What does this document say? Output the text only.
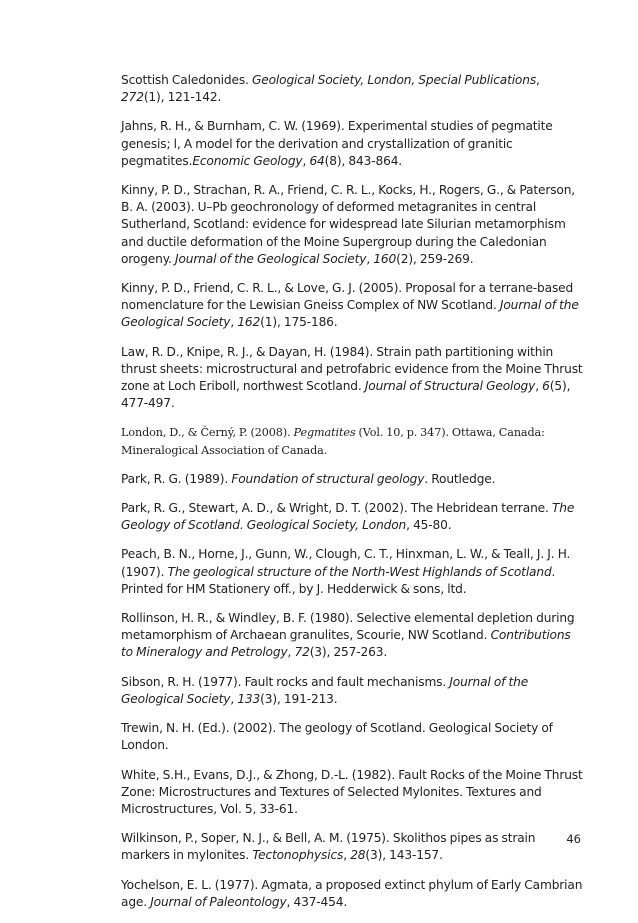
Scottish Caledonides. Geological Society, London, Special Publications, 272(1), 121-142.

Jahns, R. H., & Burnham, C. W. (1969). Experimental studies of pegmatite genesis; l, A model for the derivation and crystallization of granitic pegmatites.Economic Geology, 64(8), 843-864.

Kinny, P. D., Strachan, R. A., Friend, C. R. L., Kocks, H., Rogers, G., & Paterson, B. A. (2003). U–Pb geochronology of deformed metagranites in central Sutherland, Scotland: evidence for widespread late Silurian metamorphism and ductile deformation of the Moine Supergroup during the Caledonian orogeny. Journal of the Geological Society, 160(2), 259-269.

Kinny, P. D., Friend, C. R. L., & Love, G. J. (2005). Proposal for a terrane-based nomenclature for the Lewisian Gneiss Complex of NW Scotland. Journal of the Geological Society, 162(1), 175-186.

Law, R. D., Knipe, R. J., & Dayan, H. (1984). Strain path partitioning within thrust sheets: microstructural and petrofabric evidence from the Moine Thrust zone at Loch Eriboll, northwest Scotland. Journal of Structural Geology, 6(5), 477-497.

London, D., & Černý, P. (2008). Pegmatites (Vol. 10, p. 347). Ottawa, Canada: Mineralogical Association of Canada.

Park, R. G. (1989). Foundation of structural geology. Routledge.

Park, R. G., Stewart, A. D., & Wright, D. T. (2002). The Hebridean terrane. The Geology of Scotland. Geological Society, London, 45-80.

Peach, B. N., Horne, J., Gunn, W., Clough, C. T., Hinxman, L. W., & Teall, J. J. H. (1907). The geological structure of the North-West Highlands of Scotland. Printed for HM Stationery off., by J. Hedderwick & sons, ltd.

Rollinson, H. R., & Windley, B. F. (1980). Selective elemental depletion during metamorphism of Archaean granulites, Scourie, NW Scotland. Contributions to Mineralogy and Petrology, 72(3), 257-263.

Sibson, R. H. (1977). Fault rocks and fault mechanisms. Journal of the Geological Society, 133(3), 191-213.

Trewin, N. H. (Ed.). (2002). The geology of Scotland. Geological Society of London.

White, S.H., Evans, D.J., & Zhong, D.-L. (1982). Fault Rocks of the Moine Thrust Zone: Microstructures and Textures of Selected Mylonites. Textures and Microstructures, Vol. 5, 33-61.

Wilkinson, P., Soper, N. J., & Bell, A. M. (1975). Skolithos pipes as strain markers in mylonites. Tectonophysics, 28(3), 143-157.

Yochelson, E. L. (1977). Agmata, a proposed extinct phylum of Early Cambrian age. Journal of Paleontology, 437-454.

46
